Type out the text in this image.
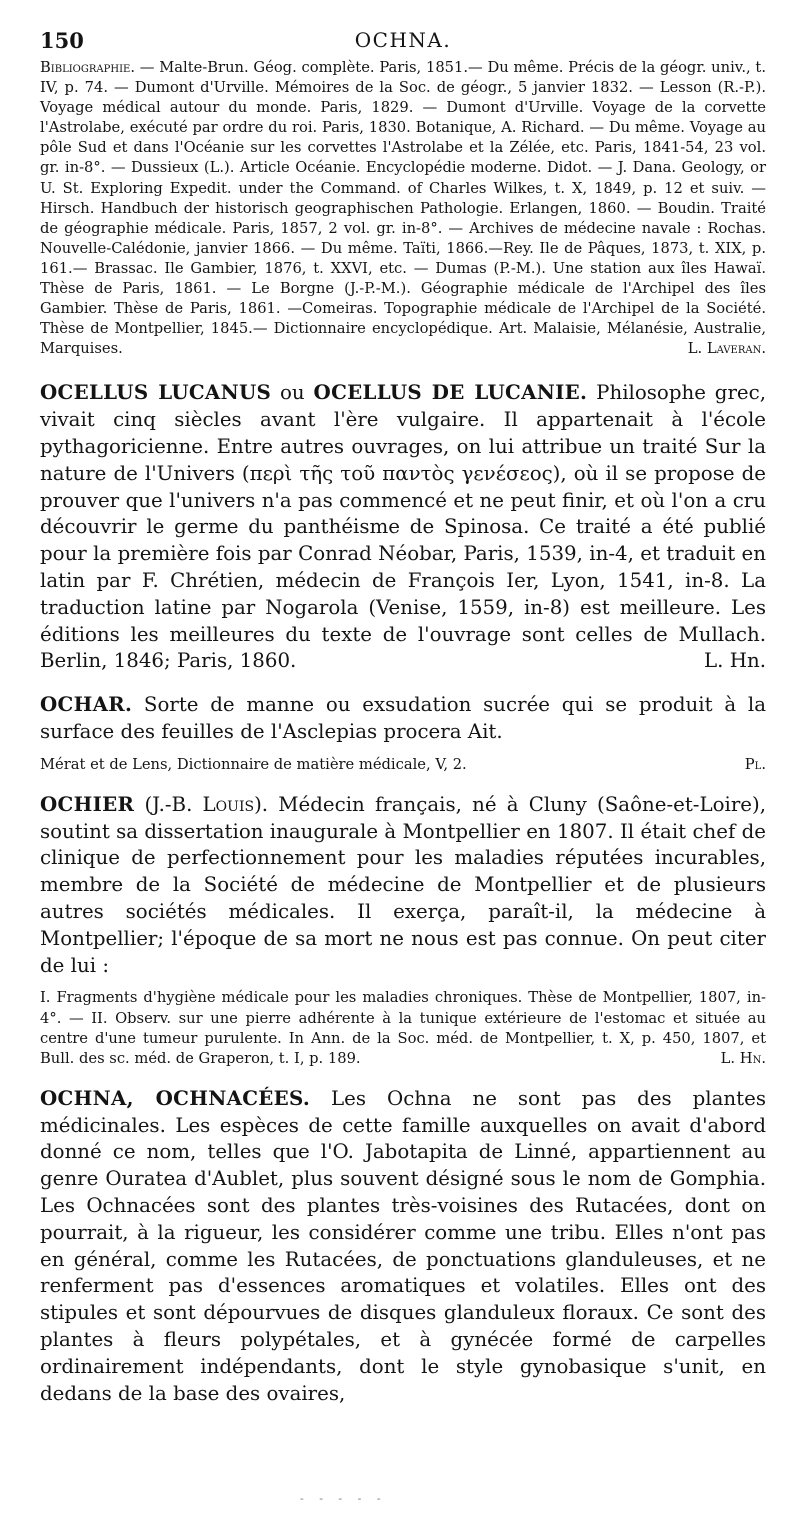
150	OCHNA.

Bibliographie. — Malte-Brun. Géog. complète. Paris, 1851.— Du même. Précis de la géogr. univ., t. IV, p. 74. — Dumont d'Urville. Mémoires de la Soc. de géogr., 5 janvier 1832. — Lesson (R.-P.). Voyage médical autour du monde. Paris, 1829. — Dumont d'Urville. Voyage de la corvette l'Astrolabe, exécuté par ordre du roi. Paris, 1830. Botanique, A. Richard. — Du même. Voyage au pôle Sud et dans l'Océanie sur les corvettes l'Astrolabe et la Zélée, etc. Paris, 1841-54, 23 vol. gr. in-8°. — Dussieux (L.). Article Océanie. Encyclopédie moderne. Didot. — J. Dana. Geology, or U. St. Exploring Expedit. under the Command. of Charles Wilkes, t. X, 1849, p. 12 et suiv. — Hirsch. Handbuch der historisch geographischen Pathologie. Erlangen, 1860. — Boudin. Traité de géographie médicale. Paris, 1857, 2 vol. gr. in-8°. — Archives de médecine navale : Rochas. Nouvelle-Calédonie, janvier 1866. — Du même. Taïti, 1866.—Rey. Ile de Pâques, 1873, t. XIX, p. 161.— Brassac. Ile Gambier, 1876, t. XXVI, etc. — Dumas (P.-M.). Une station aux îles Hawaï. Thèse de Paris, 1861. — Le Borgne (J.-P.-M.). Géographie médicale de l'Archipel des îles Gambier. Thèse de Paris, 1861. —Comeiras. Topographie médicale de l'Archipel de la Société. Thèse de Montpellier, 1845.— Dictionnaire encyclopédique. Art. Malaisie, Mélanésie, Australie, Marquises.	L. Laveran.

OCELLUS LUCANUS ou OCELLUS DE LUCANIE. Philosophe grec, vivait cinq siècles avant l'ère vulgaire. Il appartenait à l'école pythagoricienne. Entre autres ouvrages, on lui attribue un traité Sur la nature de l'Univers (περὶ τῆς τοῦ παντὸς γενέσεος), où il se propose de prouver que l'univers n'a pas commencé et ne peut finir, et où l'on a cru découvrir le germe du panthéisme de Spinosa. Ce traité a été publié pour la première fois par Conrad Néobar, Paris, 1539, in-4, et traduit en latin par F. Chrétien, médecin de François Ier, Lyon, 1541, in-8. La traduction latine par Nogarola (Venise, 1559, in-8) est meilleure. Les éditions les meilleures du texte de l'ouvrage sont celles de Mullach. Berlin, 1846; Paris, 1860.	L. Hn.

OCHAR. Sorte de manne ou exsudation sucrée qui se produit à la surface des feuilles de l'Asclepias procera Ait.

Mérat et de Lens, Dictionnaire de matière médicale, V, 2.	Pl.

OCHIER (J.-B. Louis). Médecin français, né à Cluny (Saône-et-Loire), soutint sa dissertation inaugurale à Montpellier en 1807. Il était chef de clinique de perfectionnement pour les maladies réputées incurables, membre de la Société de médecine de Montpellier et de plusieurs autres sociétés médicales. Il exerça, paraît-il, la médecine à Montpellier; l'époque de sa mort ne nous est pas connue. On peut citer de lui :

I. Fragments d'hygiène médicale pour les maladies chroniques. Thèse de Montpellier, 1807, in-4°. — II. Observ. sur une pierre adhérente à la tunique extérieure de l'estomac et située au centre d'une tumeur purulente. In Ann. de la Soc. méd. de Montpellier, t. X, p. 450, 1807, et Bull. des sc. méd. de Graperon, t. I, p. 189.	L. Hn.

OCHNA, OCHNACÉES. Les Ochna ne sont pas des plantes médicinales. Les espèces de cette famille auxquelles on avait d'abord donné ce nom, telles que l'O. Jabotapita de Linné, appartiennent au genre Ouratea d'Aublet, plus souvent désigné sous le nom de Gomphia. Les Ochnacées sont des plantes très-voisines des Rutacées, dont on pourrait, à la rigueur, les considérer comme une tribu. Elles n'ont pas en général, comme les Rutacées, de ponctuations glanduleuses, et ne renferment pas d'essences aromatiques et volatiles. Elles ont des stipules et sont dépourvues de disques glanduleux floraux. Ce sont des plantes à fleurs polypétales, et à gynécée formé de carpelles ordinairement indépendants, dont le style gynobasique s'unit, en dedans de la base des ovaires,

- - - - -
